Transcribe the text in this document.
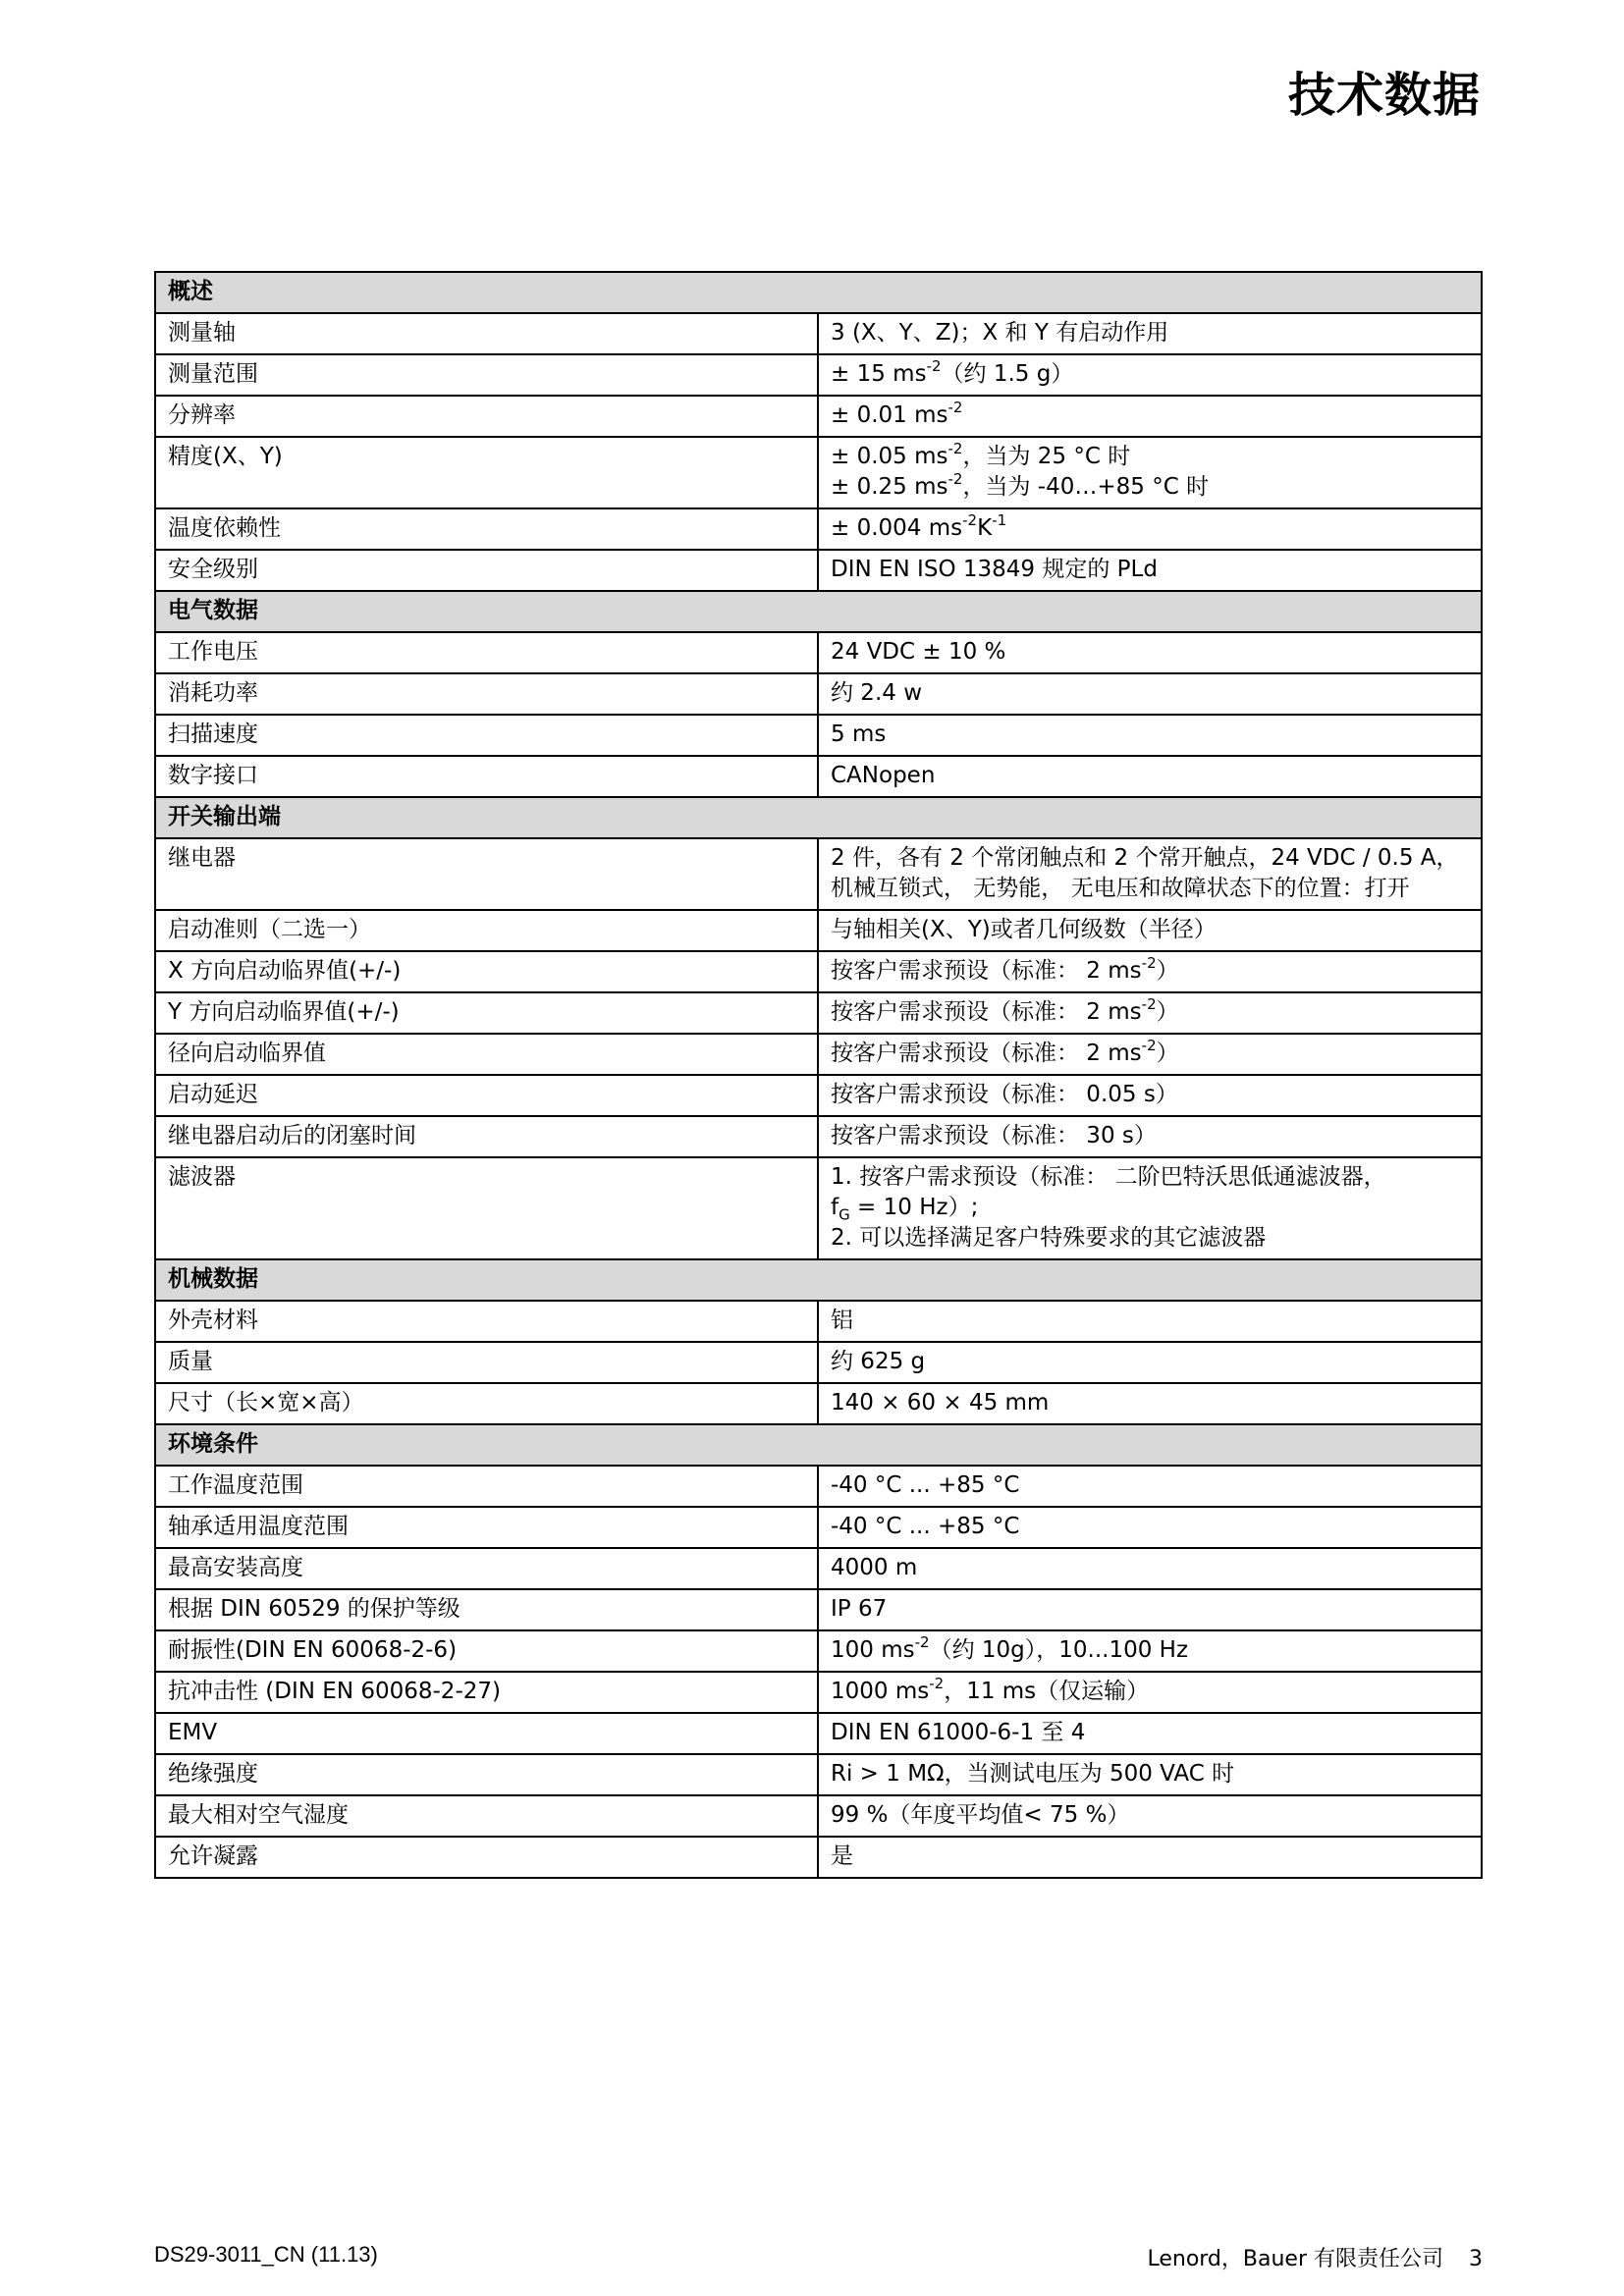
技术数据
概述	
测量轴	3 (X、Y、Z)；X 和 Y 有启动作用
测量范围	± 15 $ms^{-2}$（约 1.5 g）
分辨率	± 0.01 $ms^{-2}$
精度(X、Y)	± 0.05 $ms^{-2}$，当为 25 °C 时
± 0.25 $ms^{-2}$，当为 -40…+85 °C 时

温度依赖性	± 0.004 $ms^{-2}K^{-1}$
安全级别	DIN EN ISO 13849 规定的 PLd
电气数据	
工作电压	24 VDC ± 10 %
消耗功率	约 2.4 w
扫描速度	5 ms
数字接口	CANopen
开关输出端	
继电器	2 件，各有 2 个常闭触点和 2 个常开触点，24 VDC / 0.5 A，
机械互锁式， 无势能， 无电压和故障状态下的位置：打开

启动准则（二选一）	与轴相关(X、Y)或者几何级数（半径）
X 方向启动临界值(+/-)	按客户需求预设（标准： 2 $ms^{-2}$）
Y 方向启动临界值(+/-)	按客户需求预设（标准： 2 $ms^{-2}$）
径向启动临界值	按客户需求预设（标准： 2 $ms^{-2}$）
启动延迟	按客户需求预设（标准： 0.05 s）
继电器启动后的闭塞时间	按客户需求预设（标准： 30 s）
滤波器	1. 按客户需求预设（标准： 二阶巴特沃思低通滤波器，
$f_G = 10$ Hz）;
2. 可以选择满足客户特殊要求的其它滤波器

机械数据	
外壳材料	铝
质量	约 625 g
尺寸（长×宽×高）	140 × 60 × 45 mm
环境条件	
工作温度范围	-40 °C ... +85 °C
轴承适用温度范围	-40 °C ... +85 °C
最高安装高度	4000 m
根据 DIN 60529 的保护等级	IP 67
耐振性(DIN EN 60068-2-6)	100 $ms^{-2}$（约 10g），10...100 Hz
抗冲击性 (DIN EN 60068-2-27)	1000 $ms^{-2}$，11 ms（仅运输）
EMV	DIN EN 61000-6-1 至 4
绝缘强度	Ri > 1 MΩ，当测试电压为 500 VAC 时
最大相对空气湿度	99 %（年度平均值< 75 %）
允许凝露	是
DS29-3011_CN (11.13)	Lenord，Bauer 有限责任公司 3
